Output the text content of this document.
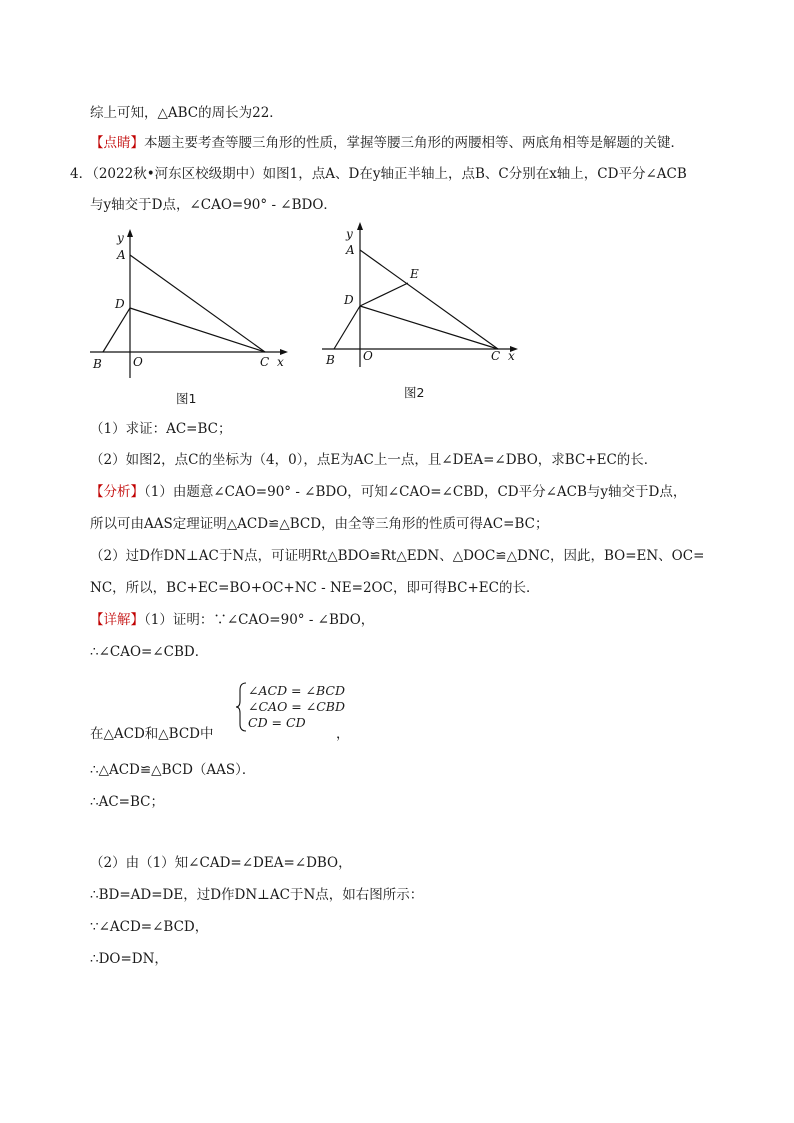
综上可知，△ABC的周长为22．
【点睛】本题主要考查等腰三角形的性质，掌握等腰三角形的两腰相等、两底角相等是解题的关键．
4．（2022秋•河东区校级期中）如图1，点A、D在y轴正半轴上，点B、C分别在x轴上，CD平分∠ACB
与y轴交于D点，∠CAO=90° - ∠BDO．
y
A
D
B	O	C x
图1
y
A
E
D
B O	C x
图2
（1）求证：AC=BC；
（2）如图2，点C的坐标为（4，0），点E为AC上一点，且∠DEA=∠DBO，求BC+EC的长．
【分析】（1）由题意∠CAO=90° - ∠BDO，可知∠CAO=∠CBD，CD平分∠ACB与y轴交于D点，
所以可由AAS定理证明△ACD≌△BCD，由全等三角形的性质可得AC=BC；
（2）过D作DN⊥AC于N点，可证明Rt△BDO≌Rt△EDN、△DOC≌△DNC，因此，BO=EN、OC=
NC，所以，BC+EC=BO+OC+NC - NE=2OC，即可得BC+EC的长．
【详解】（1）证明：∵∠CAO=90° - ∠BDO，
∴∠CAO=∠CBD．
∠ACD = ∠BCD
∠CAO = ∠CBD
CD = CD
在△ACD和△BCD中	，
∴△ACD≌△BCD（AAS）．
∴AC=BC；
（2）由（1）知∠CAD=∠DEA=∠DBO，
∴BD=AD=DE，过D作DN⊥AC于N点，如右图所示：
∵∠ACD=∠BCD，
∴DO=DN，
